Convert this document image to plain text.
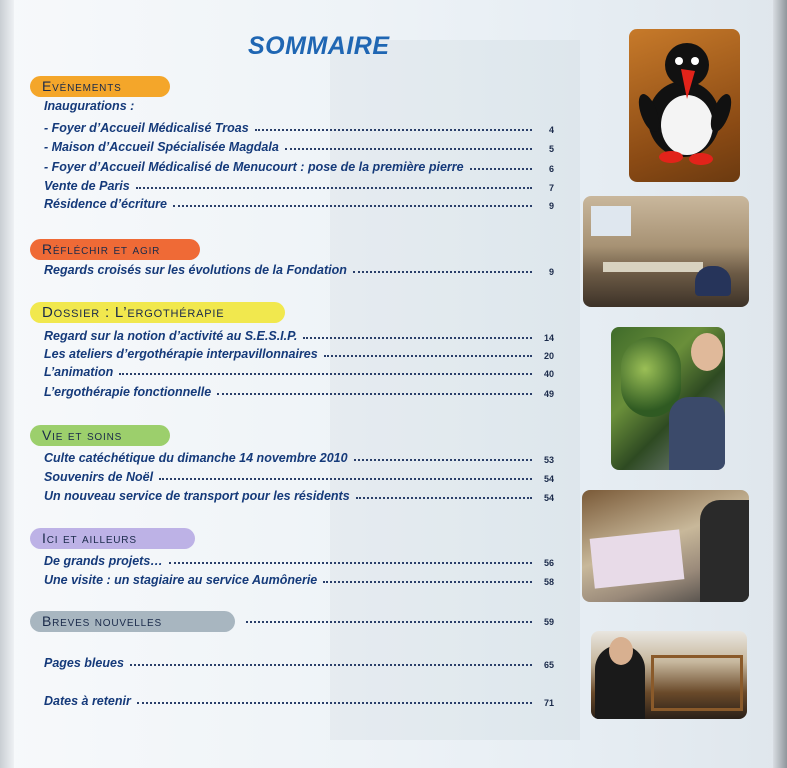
SOMMAIRE
Evénements
Réfléchir et agir
Dossier : L’ergothérapie
Vie et soins
Ici et ailleurs
Breves nouvelles	59
Inaugurations :
- Foyer d’Accueil Médicalisé Troas	4
- Maison d’Accueil Spécialisée Magdala	5
- Foyer d’Accueil Médicalisé de Menucourt : pose de la première pierre	6
Vente de Paris	7
Résidence d’écriture	9
Regards croisés sur les évolutions de la Fondation	9
Regard sur la notion d’activité au S.E.S.I.P.	14
Les ateliers d’ergothérapie interpavillonnaires	20
L’animation	40
L’ergothérapie fonctionnelle	49
Culte catéchétique du dimanche 14 novembre 2010	53
Souvenirs de Noël	54
Un nouveau service de transport pour les résidents	54
De grands projets…	56
Une visite : un stagiaire au service Aumônerie	58
Pages bleues	65
Dates à retenir	71
